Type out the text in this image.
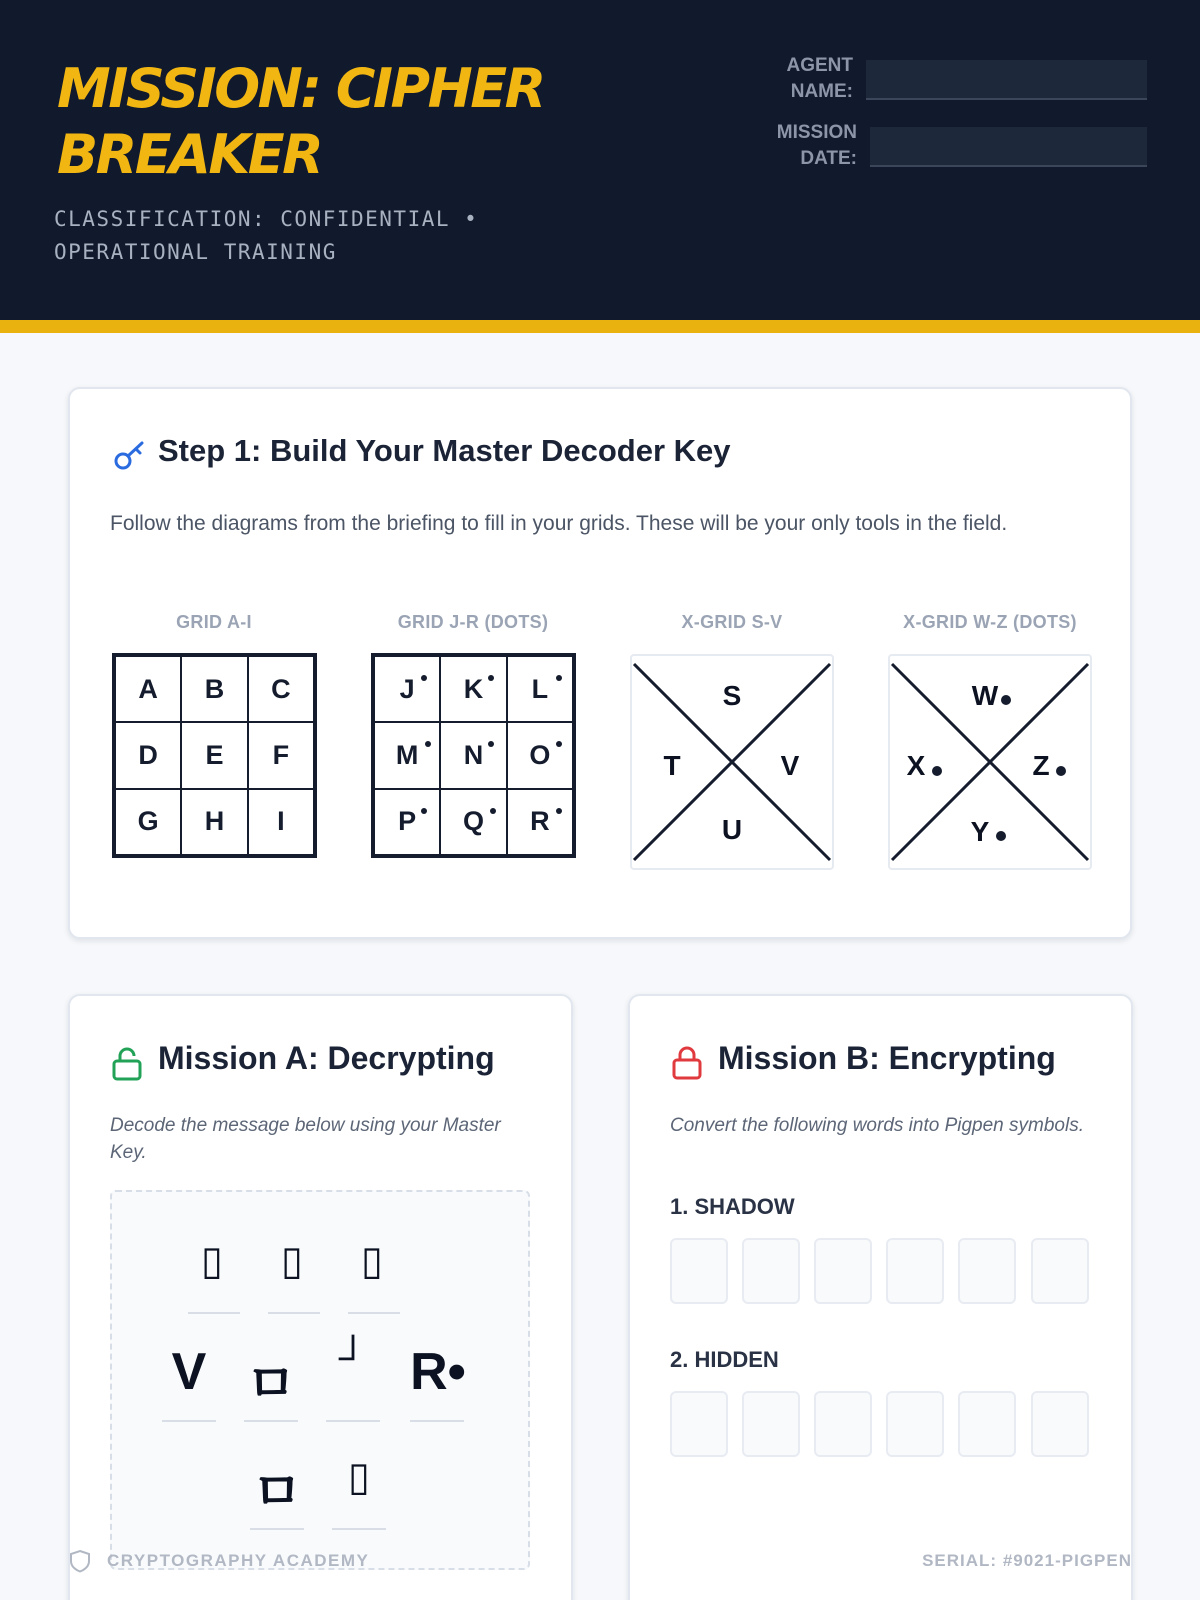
MISSION: CIPHER BREAKER
CLASSIFICATION: CONFIDENTIAL • OPERATIONAL TRAINING
AGENT NAME:
MISSION DATE:
Step 1: Build Your Master Decoder Key
Follow the diagrams from the briefing to fill in your grids. These will be your only tools in the field.
GRID A-I
A	B	C
D	E	F
G	H	I
GRID J-R (DOTS)
J K L
M N O
P Q R
X-GRID S-V
S
T	V
U
X-GRID W-Z (DOTS)
W
X	Z
Y
Mission A: Decrypting
Decode the message below using your Master Key.
▯ ▯ ▯
V ㅁ	┘ R•
ㅁ	▯
Mission B: Encrypting
Convert the following words into Pigpen symbols.
1. SHADOW
2. HIDDEN
CRYPTOGRAPHY ACADEMY	SERIAL: #9021-PIGPEN
